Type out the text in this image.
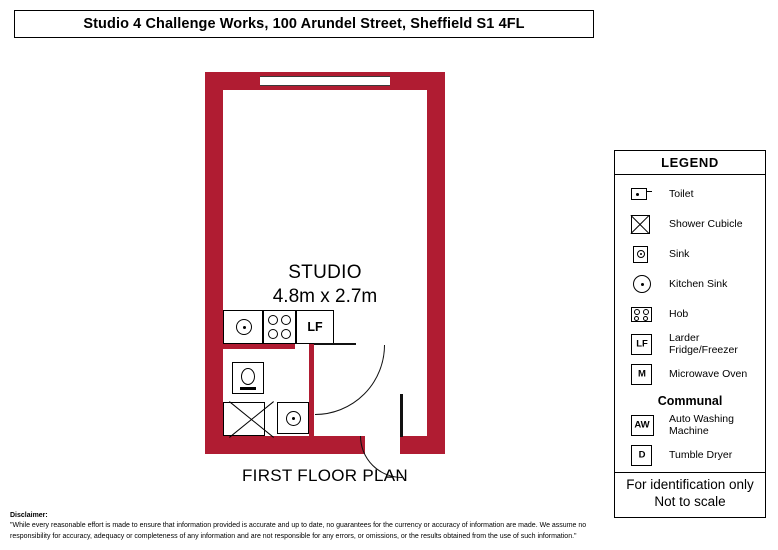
Studio 4 Challenge Works, 100 Arundel Street, Sheffield S1 4FL
LF
STUDIO
4.8m x 2.7m
FIRST FLOOR PLAN
LEGEND
Toilet
Shower Cubicle
Sink
Kitchen Sink
Hob
LF	Larder Fridge/Freezer
M	Microwave Oven
Communal
AW	Auto Washing Machine
D	Tumble Dryer
For identification only
Not to scale
Disclaimer:
"While every reasonable effort is made to ensure that information provided is accurate and up to date, no guarantees for the currency or accuracy of information are made. We assume no responsibility for accuracy, adequacy or completeness of any information and are not responsible for any errors, or omissions, or the results obtained from the use of such information."
